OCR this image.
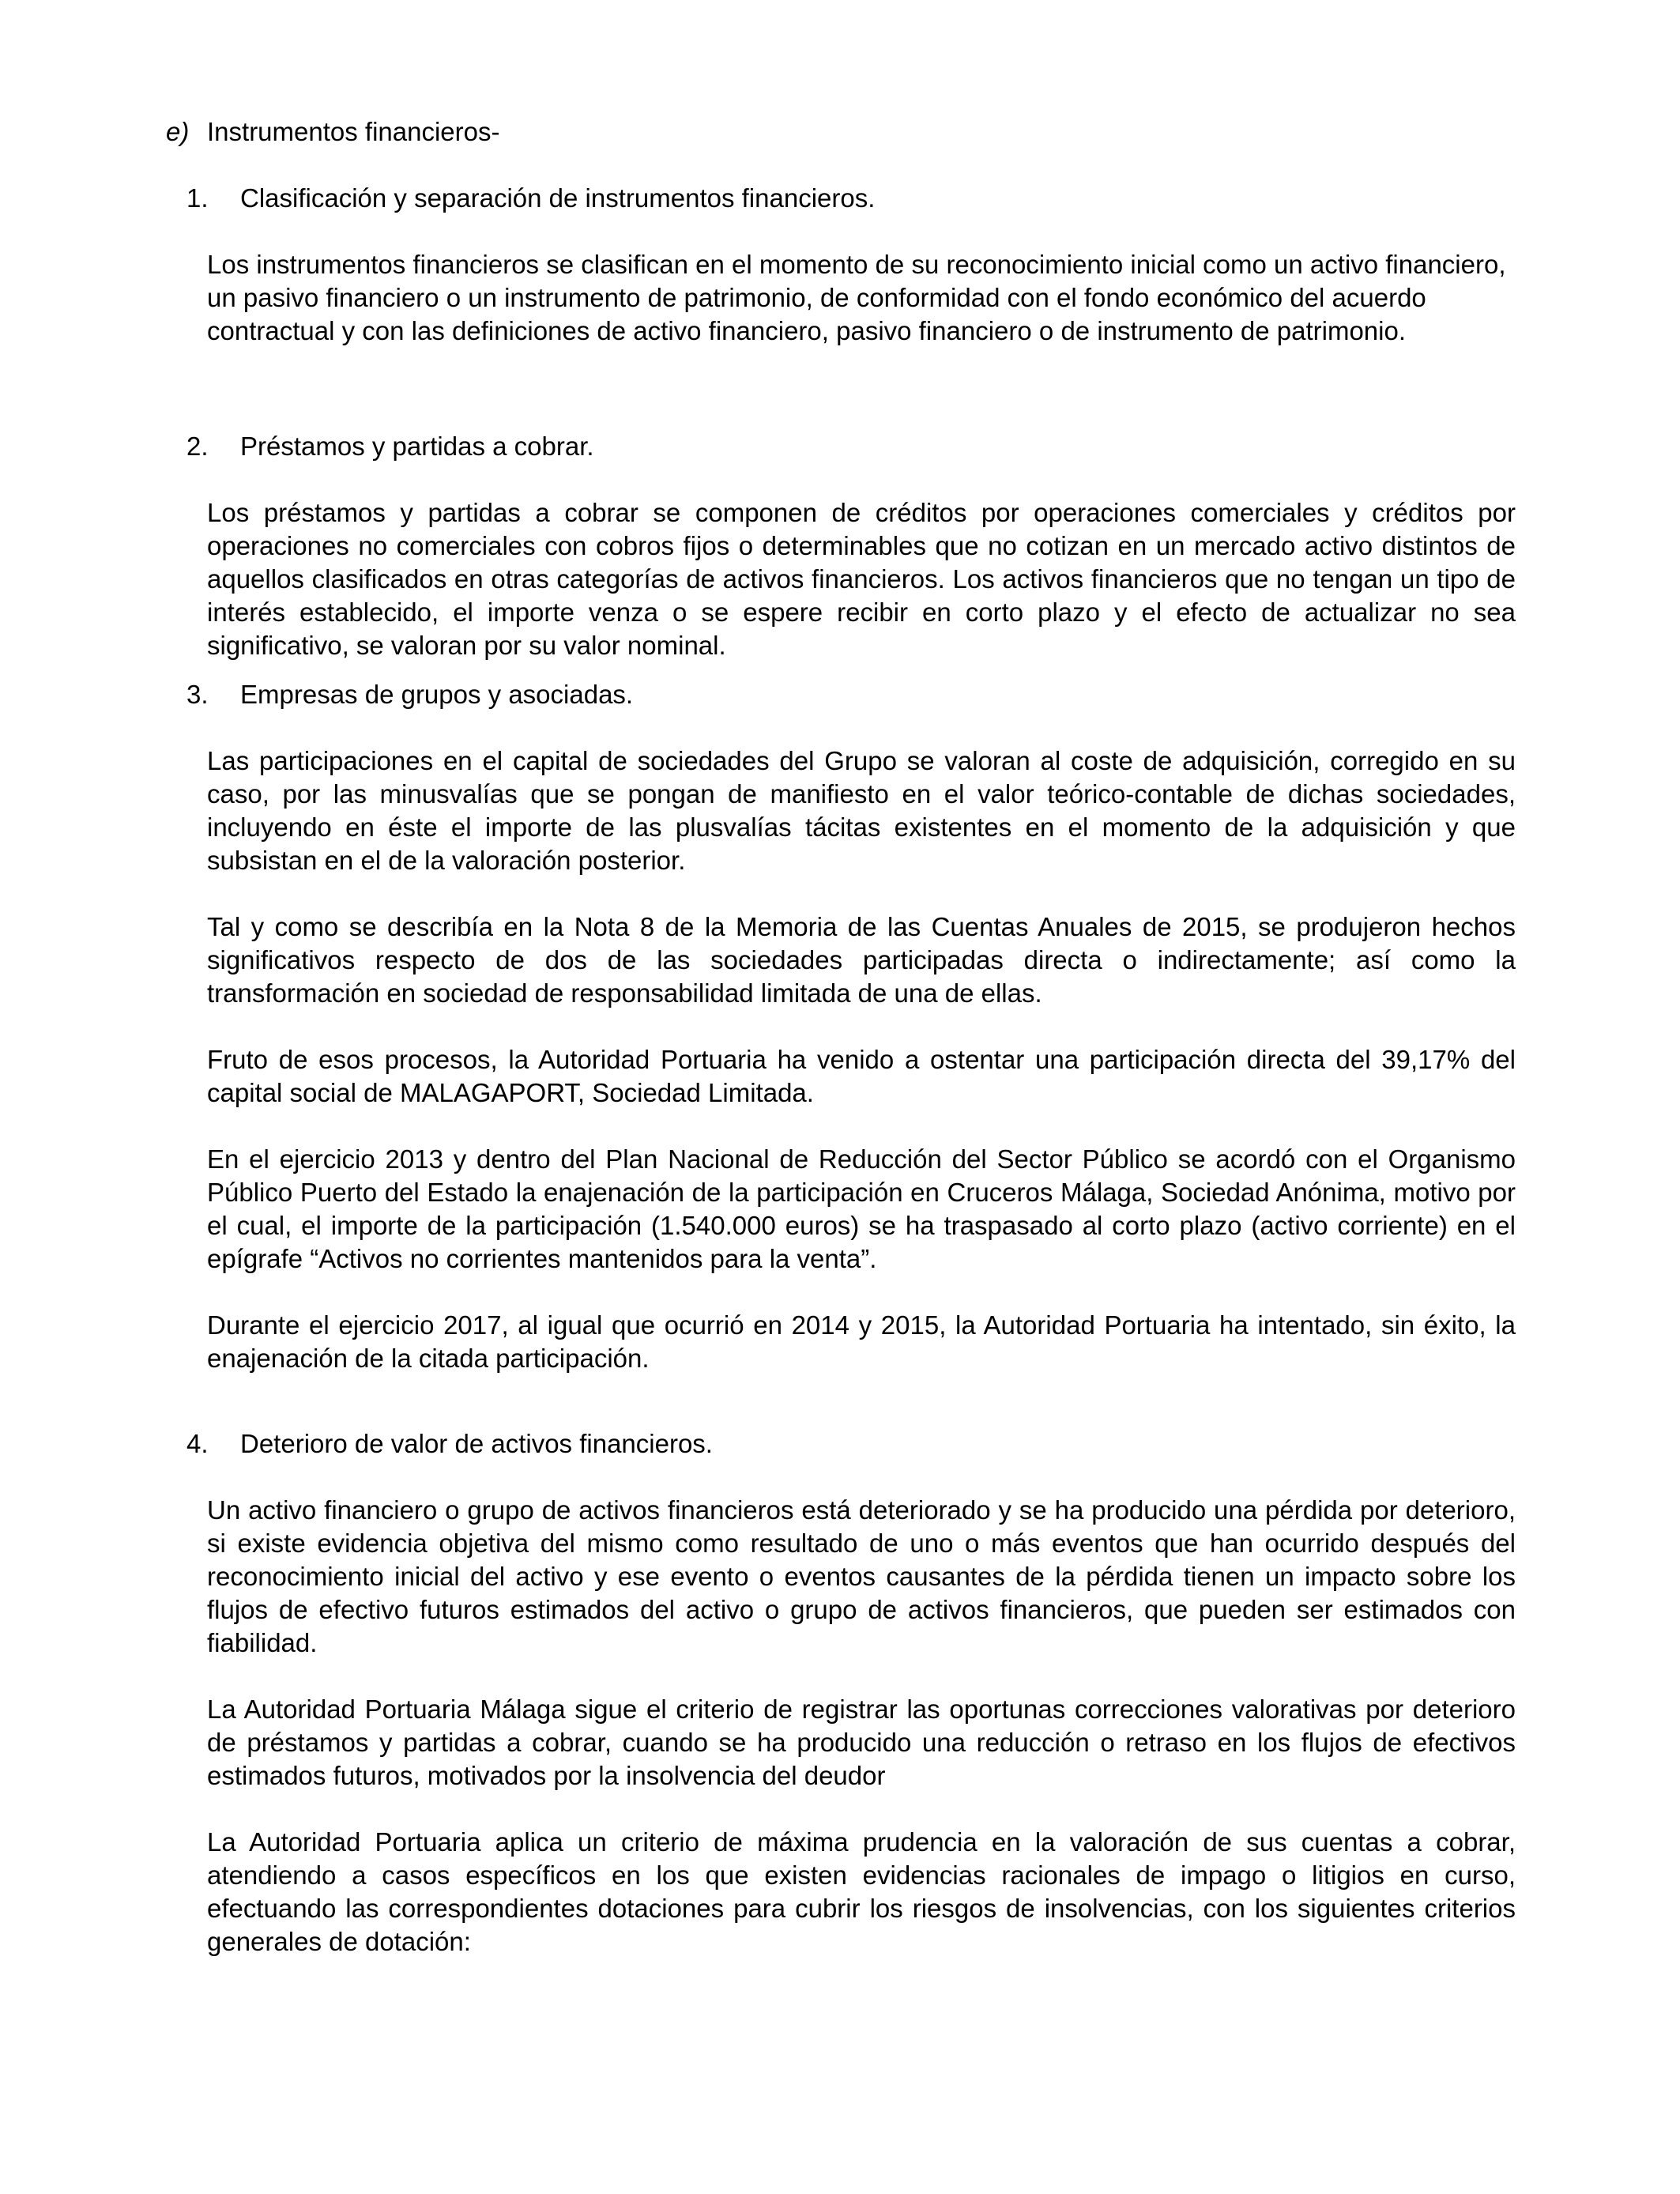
e) Instrumentos financieros-
1. Clasificación y separación de instrumentos financieros.

Los instrumentos financieros se clasifican en el momento de su reconocimiento inicial como un activo financiero, un pasivo financiero o un instrumento de patrimonio, de conformidad con el fondo económico del acuerdo contractual y con las definiciones de activo financiero, pasivo financiero o de instrumento de patrimonio.

2. Préstamos y partidas a cobrar.

Los préstamos y partidas a cobrar se componen de créditos por operaciones comerciales y créditos por operaciones no comerciales con cobros fijos o determinables que no cotizan en un mercado activo distintos de aquellos clasificados en otras categorías de activos financieros. Los activos financieros que no tengan un tipo de interés establecido, el importe venza o se espere recibir en corto plazo y el efecto de actualizar no sea significativo, se valoran por su valor nominal.

3. Empresas de grupos y asociadas.

Las participaciones en el capital de sociedades del Grupo se valoran al coste de adquisición, corregido en su caso, por las minusvalías que se pongan de manifiesto en el valor teórico-contable de dichas sociedades, incluyendo en éste el importe de las plusvalías tácitas existentes en el momento de la adquisición y que subsistan en el de la valoración posterior.

Tal y como se describía en la Nota 8 de la Memoria de las Cuentas Anuales de 2015, se produjeron hechos significativos respecto de dos de las sociedades participadas directa o indirectamente; así como la transformación en sociedad de responsabilidad limitada de una de ellas.

Fruto de esos procesos, la Autoridad Portuaria ha venido a ostentar una participación directa del 39,17% del capital social de MALAGAPORT, Sociedad Limitada.

En el ejercicio 2013 y dentro del Plan Nacional de Reducción del Sector Público se acordó con el Organismo Público Puerto del Estado la enajenación de la participación en Cruceros Málaga, Sociedad Anónima, motivo por el cual, el importe de la participación (1.540.000 euros) se ha traspasado al corto plazo (activo corriente) en el epígrafe “Activos no corrientes mantenidos para la venta”.

Durante el ejercicio 2017, al igual que ocurrió en 2014 y 2015, la Autoridad Portuaria ha intentado, sin éxito, la enajenación de la citada participación.

4. Deterioro de valor de activos financieros.

Un activo financiero o grupo de activos financieros está deteriorado y se ha producido una pérdida por deterioro, si existe evidencia objetiva del mismo como resultado de uno o más eventos que han ocurrido después del reconocimiento inicial del activo y ese evento o eventos causantes de la pérdida tienen un impacto sobre los flujos de efectivo futuros estimados del activo o grupo de activos financieros, que pueden ser estimados con fiabilidad.

La Autoridad Portuaria Málaga sigue el criterio de registrar las oportunas correcciones valorativas por deterioro de préstamos y partidas a cobrar, cuando se ha producido una reducción o retraso en los flujos de efectivos estimados futuros, motivados por la insolvencia del deudor

La Autoridad Portuaria aplica un criterio de máxima prudencia en la valoración de sus cuentas a cobrar, atendiendo a casos específicos en los que existen evidencias racionales de impago o litigios en curso, efectuando las correspondientes dotaciones para cubrir los riesgos de insolvencias, con los siguientes criterios generales de dotación:
